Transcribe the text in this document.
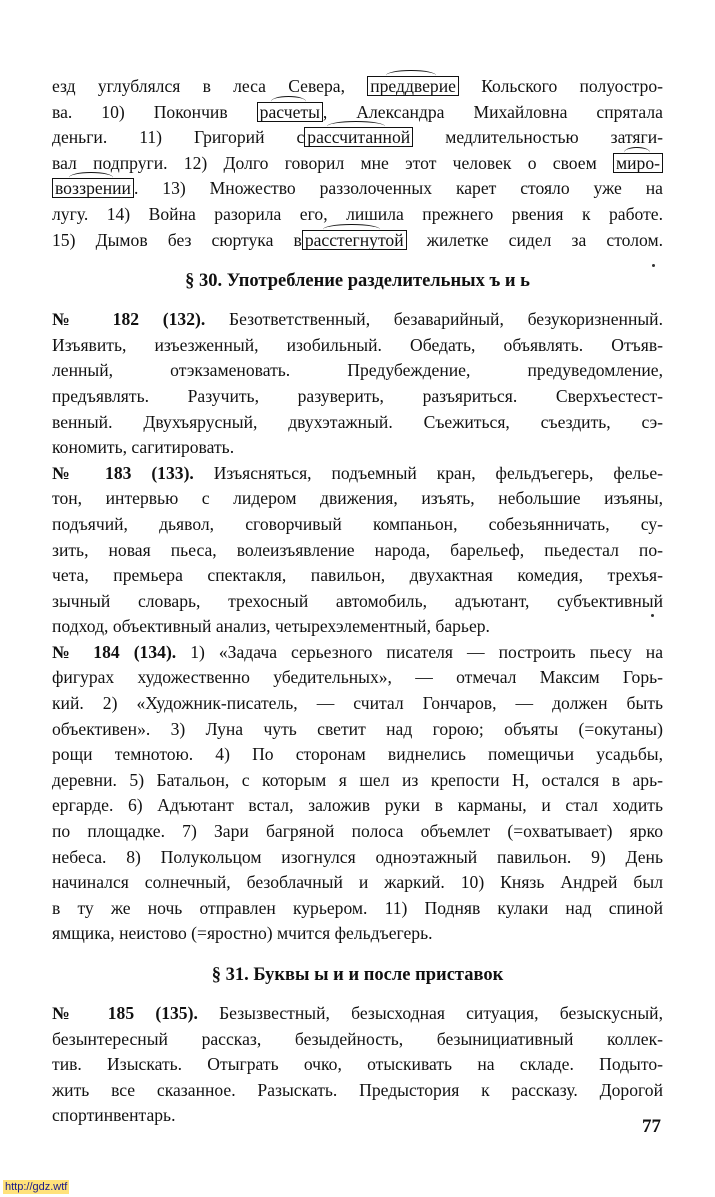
езд углублялся в леса Севера, преддверие Кольского полуостро-
ва. 10) Покончив расчеты , Александра Михайловна спрятала
деньги. 11) Григорий с рассчитанной медлительностью затяги-
вал подпруги. 12) Долго говорил мне этот человек о своем миро-
воззрении . 13) Множество раззолоченных карет стояло уже на
лугу. 14) Война разорила его, лишила прежнего рвения к работе.
15) Дымов без сюртука в расстегнутой жилетке сидел за столом.
§ 30. Употребление разделительных ъ и ь
№ 182 (132). Безответственный, безаварийный, безукоризненный.
Изъявить, изъезженный, изобильный. Обедать, объявлять. Отъяв-
ленный, отэкзаменовать. Предубеждение, предуведомление,
предъявлять. Разучить, разуверить, разъяриться. Сверхъестест-
венный. Двухъярусный, двухэтажный. Съежиться, съездить, сэ-
кономить, сагитировать.
№ 183 (133). Изъясняться, подъемный кран, фельдъегерь, фелье-
тон, интервью с лидером движения, изъять, небольшие изъяны,
подъячий, дьявол, сговорчивый компаньон, собезьянничать, су-
зить, новая пьеса, волеизъявление народа, барельеф, пьедестал по-
чета, премьера спектакля, павильон, двухактная комедия, трехъя-
зычный словарь, трехосный автомобиль, адъютант, субъективный
подход, объективный анализ, четырехэлементный, барьер.
№ 184 (134). 1) «Задача серьезного писателя — построить пьесу на
фигурах художественно убедительных», — отмечал Максим Горь-
кий. 2) «Художник-писатель, — считал Гончаров, — должен быть
объективен». 3) Луна чуть светит над горою; объяты (=окутаны)
рощи темнотою. 4) По сторонам виднелись помещичьи усадьбы,
деревни. 5) Батальон, с которым я шел из крепости Н, остался в арь-
ергарде. 6) Адъютант встал, заложив руки в карманы, и стал ходить
по площадке. 7) Зари багряной полоса объемлет (=охватывает) ярко
небеса. 8) Полукольцом изогнулся одноэтажный павильон. 9) День
начинался солнечный, безоблачный и жаркий. 10) Князь Андрей был
в ту же ночь отправлен курьером. 11) Подняв кулаки над спиной
ямщика, неистово (=яростно) мчится фельдъегерь.
§ 31. Буквы ы и и после приставок
№ 185 (135). Безызвестный, безысходная ситуация, безыскусный,
безынтересный рассказ, безыдейность, безынициативный коллек-
тив. Изыскать. Отыграть очко, отыскивать на складе. Подыто-
жить все сказанное. Разыскать. Предыстория к рассказу. Дорогой
спортинвентарь.
77
http://gdz.wtf
